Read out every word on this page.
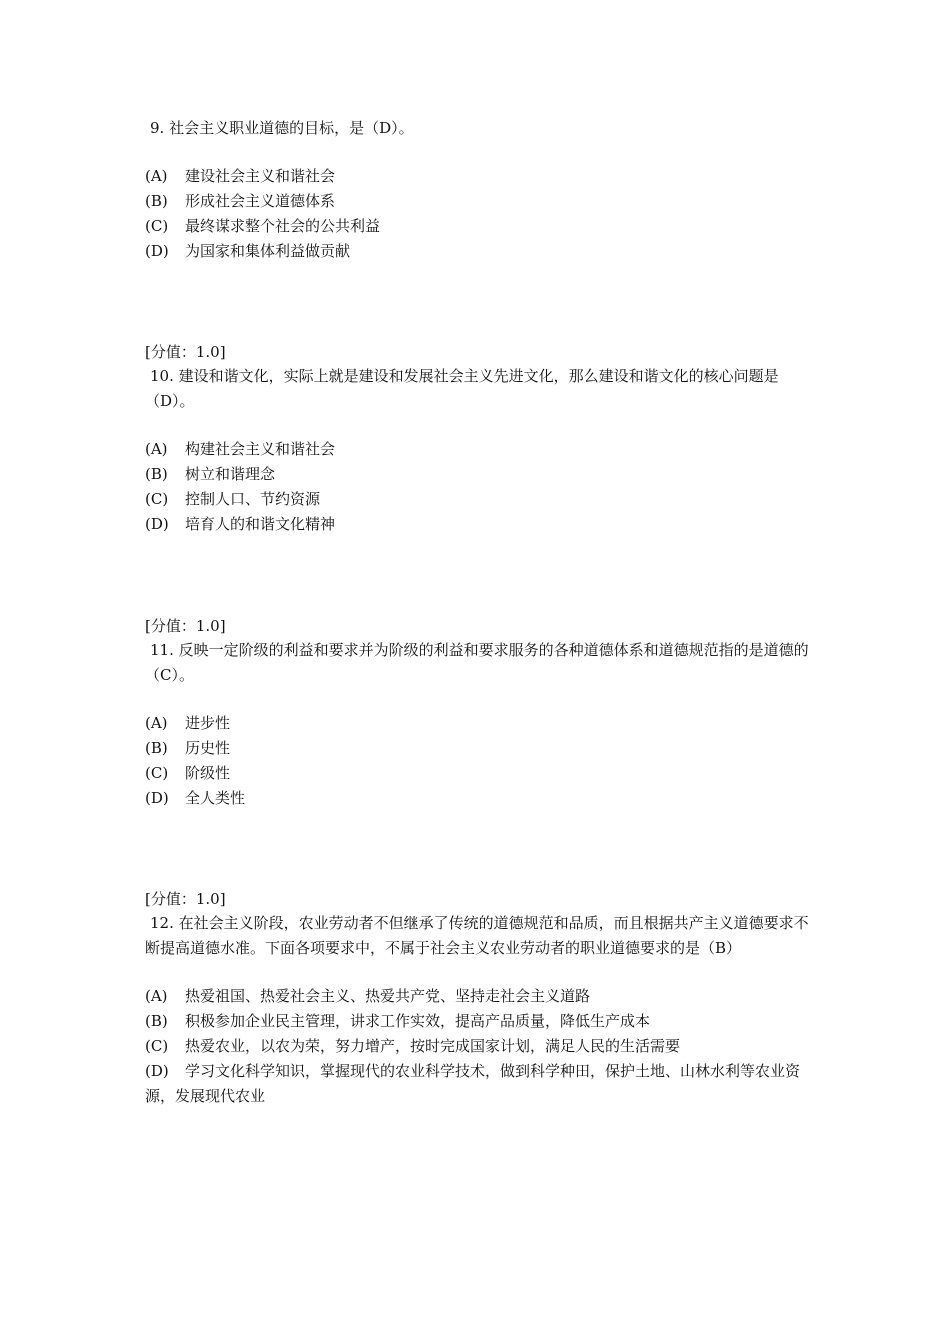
9. 社会主义职业道德的目标，是（D）。

(A)	建设社会主义和谐社会
(B)	形成社会主义道德体系
(C)	最终谋求整个社会的公共利益
(D)	为国家和集体利益做贡献
[分值：1.0]

10. 建设和谐文化，实际上就是建设和发展社会主义先进文化，那么建设和谐文化的核心问题是（D）。

(A)	构建社会主义和谐社会
(B)	树立和谐理念
(C)	控制人口、节约资源
(D)	培育人的和谐文化精神
[分值：1.0]

11. 反映一定阶级的利益和要求并为阶级的利益和要求服务的各种道德体系和道德规范指的是道德的（C）。

(A)	进步性
(B)	历史性
(C)	阶级性
(D)	全人类性
[分值：1.0]

12. 在社会主义阶段，农业劳动者不但继承了传统的道德规范和品质，而且根据共产主义道德要求不断提高道德水准。下面各项要求中，不属于社会主义农业劳动者的职业道德要求的是（B）

(A)	热爱祖国、热爱社会主义、热爱共产党、坚持走社会主义道路
(B)	积极参加企业民主管理，讲求工作实效，提高产品质量，降低生产成本
(C)	热爱农业，以农为荣，努力增产，按时完成国家计划，满足人民的生活需要
(D) 学习文化科学知识，掌握现代的农业科学技术，做到科学种田，保护土地、山林水利等农业资源，发展现代农业
